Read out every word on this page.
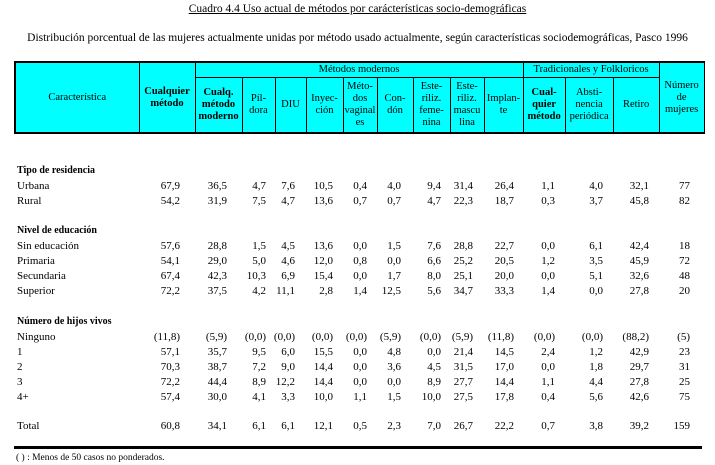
Cuadro 4.4 Uso actual de métodos por carácterísticas socio-demográficas
Distribución porcentual de las mujeres actualmente unidas por método usado actualmente, según características sociodemográficas, Pasco 1996
Característica	Cualquier método	Métodos modernos									Tradicionales y Folkloricos			Número de mujeres
		Cualq. método moderno	Píl-dora	DIU	Inyec-ción	Méto-dos vaginal es	Con-dón	Este-riliz. feme-nina	Este-riliz. mascu lina	Implan-te	Cual-quier método	Absti-nencia periódica	Retiro	
Tipo de residencia
Urbana	67,9	36,5	4,7	7,6	10,5	0,4	4,0	9,4	31,4	26,4	1,1	4,0	32,1	77
Rural	54,2	31,9	7,5	4,7	13,6	0,7	0,7	4,7	22,3	18,7	0,3	3,7	45,8	82
Nivel de educación
Sin educación	57,6	28,8	1,5	4,5	13,6	0,0	1,5	7,6	28,8	22,7	0,0	6,1	42,4	18
Primaria	54,1	29,0	5,0	4,6	12,0	0,8	0,0	6,6	25,2	20,5	1,2	3,5	45,9	72
Secundaria	67,4	42,3	10,3	6,9	15,4	0,0	1,7	8,0	25,1	20,0	0,0	5,1	32,6	48
Superior	72,2	37,5	4,2 11,1	2,8	1,4	12,5	5,6	34,7	33,3	1,4	0,0	27,8	20
Número de hijos vivos
Ninguno	(11,8)	(5,9)	(0,0) (0,0)	(0,0)	(0,0)	(5,9)	(0,0) (5,9)	(11,8)	(0,0)	(0,0)	(88,2)	(5)
1	57,1	35,7	9,5	6,0	15,5	0,0	4,8	0,0	21,4	14,5	2,4	1,2	42,9	23
2	70,3	38,7	7,2	9,0	14,4	0,0	3,6	4,5	31,5	17,0	0,0	1,8	29,7	31
3	72,2	44,4	8,9 12,2	14,4	0,0	0,0	8,9	27,7	14,4	1,1	4,4	27,8	25
4+	57,4	30,0	4,1	3,3	10,0	1,1	1,5	10,0	27,5	17,8	0,4	5,6	42,6	75
Total	60,8	34,1	6,1	6,1	12,1	0,5	2,3	7,0	26,7	22,2	0,7	3,8	39,2	159
( ) : Menos de 50 casos no ponderados.
